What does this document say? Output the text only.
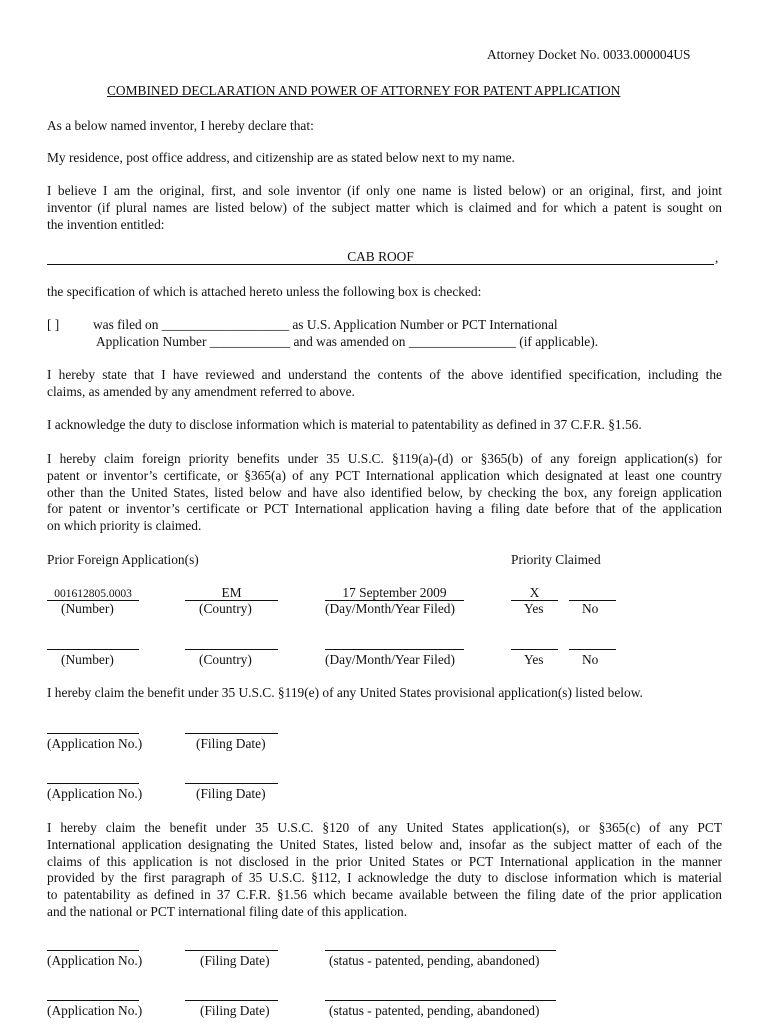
Attorney Docket No. 0033.000004US
COMBINED DECLARATION AND POWER OF ATTORNEY FOR PATENT APPLICATION
As a below named inventor, I hereby declare that:
My residence, post office address, and citizenship are as stated below next to my name.
I believe I am the original, first, and sole inventor (if only one name is listed below) or an original, first, and joint
inventor (if plural names are listed below) of the subject matter which is claimed and for which a patent is sought on
the invention entitled:
CAB ROOF	,
the specification of which is attached hereto unless the following box is checked:
[ ]	was filed on ___________________ as U.S. Application Number or PCT International
Application Number ____________ and was amended on ________________ (if applicable).
I hereby state that I have reviewed and understand the contents of the above identified specification, including the
claims, as amended by any amendment referred to above.
I acknowledge the duty to disclose information which is material to patentability as defined in 37 C.F.R. §1.56.
I hereby claim foreign priority benefits under 35 U.S.C. §119(a)-(d) or §365(b) of any foreign application(s) for
patent or inventor’s certificate, or §365(a) of any PCT International application which designated at least one country
other than the United States, listed below and have also identified below, by checking the box, any foreign application
for patent or inventor’s certificate or PCT International application having a filing date before that of the application
on which priority is claimed.
Prior Foreign Application(s)	Priority Claimed
001612805.0003	EM	17 September 2009	X
(Number)	(Country)	(Day/Month/Year Filed)	Yes	No
(Number)	(Country)	(Day/Month/Year Filed)	Yes	No
I hereby claim the benefit under 35 U.S.C. §119(e) of any United States provisional application(s) listed below.
(Application No.)	(Filing Date)
(Application No.)	(Filing Date)
I hereby claim the benefit under 35 U.S.C. §120 of any United States application(s), or §365(c) of any PCT
International application designating the United States, listed below and, insofar as the subject matter of each of the
claims of this application is not disclosed in the prior United States or PCT International application in the manner
provided by the first paragraph of 35 U.S.C. §112, I acknowledge the duty to disclose information which is material
to patentability as defined in 37 C.F.R. §1.56 which became available between the filing date of the prior application
and the national or PCT international filing date of this application.
(Application No.)	(Filing Date)	(status - patented, pending, abandoned)
(Application No.)	(Filing Date)	(status - patented, pending, abandoned)
